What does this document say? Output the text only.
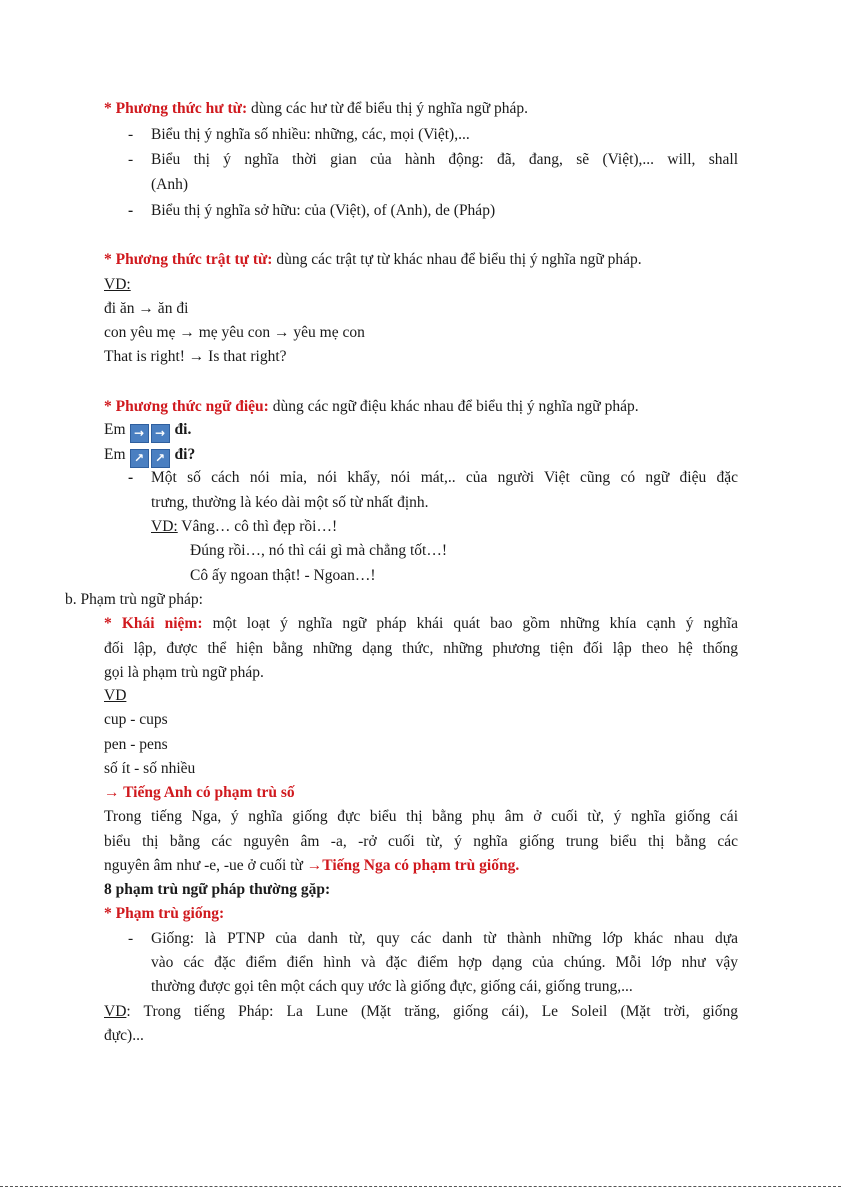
* Phương thức hư từ: dùng các hư từ để biểu thị ý nghĩa ngữ pháp.
- Biểu thị ý nghĩa số nhiều: những, các, mọi (Việt),...
- Biểu thị ý nghĩa thời gian của hành động: đã, đang, sẽ (Việt),... will, shall
(Anh)
- Biểu thị ý nghĩa sở hữu: của (Việt), of (Anh), de (Pháp)
* Phương thức trật tự từ: dùng các trật tự từ khác nhau để biểu thị ý nghĩa ngữ pháp.
VD:
đi ăn → ăn đi
con yêu mẹ → mẹ yêu con → yêu mẹ con
That is right! → Is that right?
* Phương thức ngữ điệu: dùng các ngữ điệu khác nhau để biểu thị ý nghĩa ngữ pháp.
Em → → đi.
Em ↗ ↗ đi?
- Một số cách nói mỉa, nói khẩy, nói mát,.. của người Việt cũng có ngữ điệu đặc
trưng, thường là kéo dài một số từ nhất định.
VD: Vâng… cô thì đẹp rồi…!
Đúng rồi…, nó thì cái gì mà chẳng tốt…!
Cô ấy ngoan thật! - Ngoan…!
b. Phạm trù ngữ pháp:
* Khái niệm: một loạt ý nghĩa ngữ pháp khái quát bao gồm những khía cạnh ý nghĩa
đối lập, được thể hiện bằng những dạng thức, những phương tiện đối lập theo hệ thống
gọi là phạm trù ngữ pháp.
VD
cup - cups
pen - pens
số ít - số nhiều
→ Tiếng Anh có phạm trù số
Trong tiếng Nga, ý nghĩa giống đực biểu thị bằng phụ âm ở cuối từ, ý nghĩa giống cái
biểu thị bằng các nguyên âm -a, -rở cuối từ, ý nghĩa giống trung biểu thị bằng các
nguyên âm như -e, -ue ở cuối từ →Tiếng Nga có phạm trù giống.
8 phạm trù ngữ pháp thường gặp:
* Phạm trù giống:
- Giống: là PTNP của danh từ, quy các danh từ thành những lớp khác nhau dựa
vào các đặc điểm điển hình và đặc điểm hợp dạng của chúng. Mỗi lớp như vậy
thường được gọi tên một cách quy ước là giống đực, giống cái, giống trung,...
VD: Trong tiếng Pháp: La Lune (Mặt trăng, giống cái), Le Soleil (Mặt trời, giống
đực)...
